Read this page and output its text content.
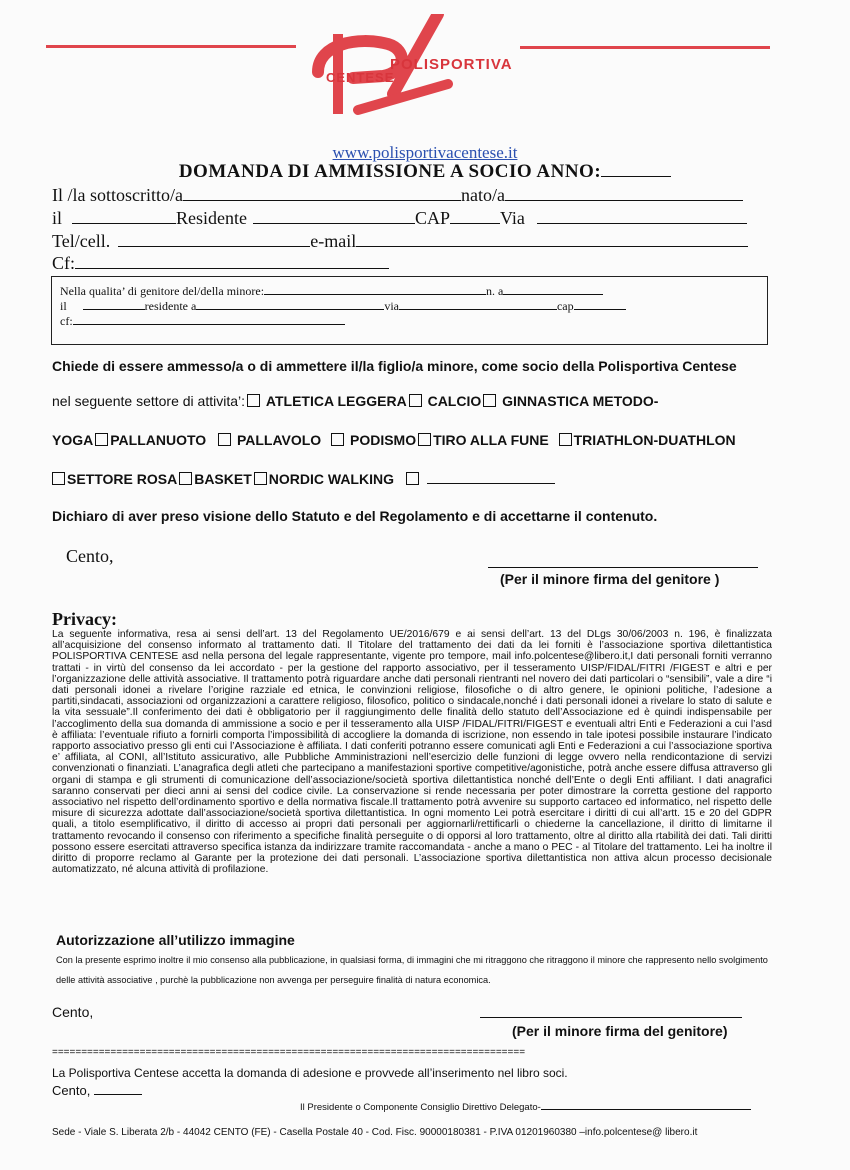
POLISPORTIVA
CENTESE
www.polisportivacentese.it
DOMANDA DI AMMISSIONE A SOCIO ANNO:
Il /la sottoscritto/a	nato/a
il	Residente	CAP	Via
Tel/cell.	e-mail
Cf:
Nella qualita’ di genitore del/della minore:	n. a
il	residente a	via	cap
cf:
Chiede di essere ammesso/a o di ammettere il/la figlio/a minore, come socio della Polisportiva Centese
nel seguente settore di attivita’: ATLETICA LEGGERA CALCIO GINNASTICA METODO-
YOGA PALLANUOTO PALLAVOLO PODISMO TIRO ALLA FUNE TRIATHLON-DUATHLON
SETTORE ROSA BASKET NORDIC WALKING
Dichiaro di aver preso visione dello Statuto e del Regolamento e di accettarne il contenuto.
Cento,
(Per il minore firma del genitore )
Privacy:
La seguente informativa, resa ai sensi dell’art. 13 del Regolamento UE/2016/679 e ai sensi dell’art. 13 del DLgs 30/06/2003 n. 196, è finalizzata all’acquisizione del consenso informato al trattamento dati. Il Titolare del trattamento dei dati da lei forniti è l’associazione sportiva dilettantistica POLISPORTIVA CENTESE asd nella persona del legale rappresentante, vigente pro tempore, mail info.polcentese@libero.it,I dati personali forniti verranno trattati - in virtù del consenso da lei accordato - per la gestione del rapporto associativo, per il tesseramento UISP/FIDAL/FITRI /FIGEST e altri e per l’organizzazione delle attività associative. Il trattamento potrà riguardare anche dati personali rientranti nel novero dei dati particolari o “sensibili”, vale a dire “i dati personali idonei a rivelare l’origine razziale ed etnica, le convinzioni religiose, filosofiche o di altro genere, le opinioni politiche, l’adesione a partiti,sindacati, associazioni od organizzazioni a carattere religioso, filosofico, politico o sindacale,nonché i dati personali idonei a rivelare lo stato di salute e la vita sessuale”.Il conferimento dei dati è obbligatorio per il raggiungimento delle finalità dello statuto dell’Associazione ed è quindi indispensabile per l’accoglimento della sua domanda di ammissione a socio e per il tesseramento alla UISP /FIDAL/FITRI/FIGEST e eventuali altri Enti e Federazioni a cui l’asd è affiliata: l’eventuale rifiuto a fornirli comporta l’impossibilità di accogliere la domanda di iscrizione, non essendo in tale ipotesi possibile instaurare l’indicato rapporto associativo presso gli enti cui l’Associazione è affiliata. I dati conferiti potranno essere comunicati agli Enti e Federazioni a cui l’associazione sportiva e’ affiliata, al CONI, all’Istituto assicurativo, alle Pubbliche Amministrazioni nell’esercizio delle funzioni di legge ovvero nella rendicontazione di servizi convenzionati o finanziati. L’anagrafica degli atleti che partecipano a manifestazioni sportive competitive/agonistiche, potrà anche essere diffusa attraverso gli organi di stampa e gli strumenti di comunicazione dell’associazione/società sportiva dilettantistica nonché dell’Ente o degli Enti affiliant. I dati anagrafici saranno conservati per dieci anni ai sensi del codice civile. La conservazione si rende necessaria per poter dimostrare la corretta gestione del rapporto associativo nel rispetto dell’ordinamento sportivo e della normativa fiscale.Il trattamento potrà avvenire su supporto cartaceo ed informatico, nel rispetto delle misure di sicurezza adottate dall’associazione/società sportiva dilettantistica. In ogni momento Lei potrà esercitare i diritti di cui all’artt. 15 e 20 del GDPR quali, a titolo esemplificativo, il diritto di accesso ai propri dati personali per aggiornarli/rettificarli o chiederne la cancellazione, il diritto di limitarne il trattamento revocando il consenso con riferimento a specifiche finalità perseguite o di opporsi al loro trattamento, oltre al diritto alla rtabilità dei dati. Tali diritti possono essere esercitati attraverso specifica istanza da indirizzare tramite raccomandata - anche a mano o PEC - al Titolare del trattamento. Lei ha inoltre il diritto di proporre reclamo al Garante per la protezione dei dati personali. L’associazione sportiva dilettantistica non attiva alcun processo decisionale automatizzato, né alcuna attività di profilazione.
Autorizzazione all’utilizzo immagine
Con la presente esprimo inoltre il mio consenso alla pubblicazione, in qualsiasi forma, di immagini che mi ritraggono che ritraggono il minore che rappresento nello svolgimento delle attività associative , purchè la pubblicazione non avvenga per perseguire finalità di natura economica.
Cento,
(Per il minore firma del genitore)
=================================================================================
La Polisportiva Centese accetta la domanda di adesione e provvede all’inserimento nel libro soci.
Cento,
Il Presidente o Componente Consiglio Direttivo Delegato-
Sede - Viale S. Liberata 2/b - 44042 CENTO (FE) - Casella Postale 40 - Cod. Fisc. 90000180381 - P.IVA 01201960380 –info.polcentese@ libero.it
